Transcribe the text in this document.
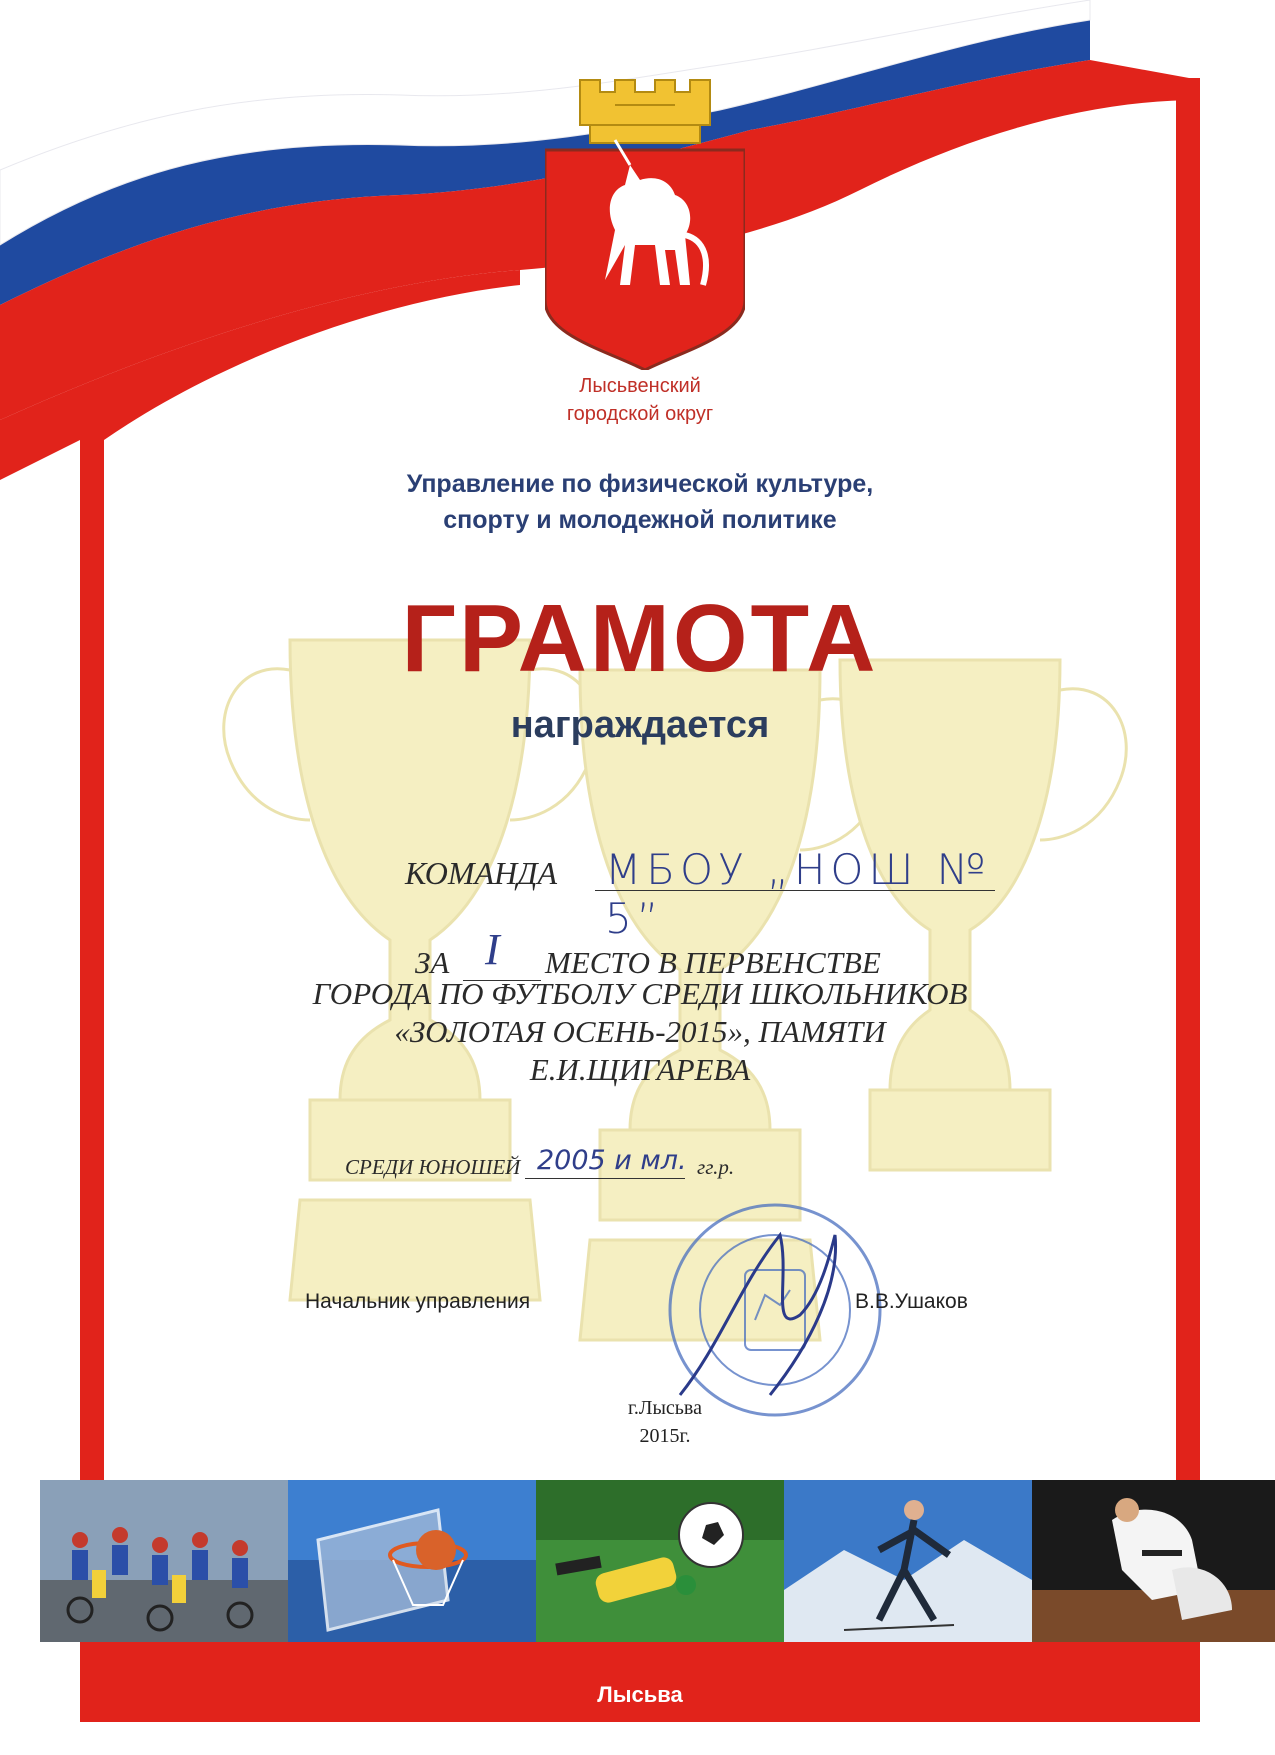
Лысьвенский
городской округ
Управление по физической культуре,
спорту и молодежной политике
ГРАМОТА
награждается
КОМАНДА МБОУ „НОШ № 5”
ЗА I МЕСТО В ПЕРВЕНСТВЕ
ГОРОДА ПО ФУТБОЛУ СРЕДИ ШКОЛЬНИКОВ
«ЗОЛОТАЯ ОСЕНЬ-2015», ПАМЯТИ
Е.И.ЩИГАРЕВА
СРЕДИ ЮНОШЕЙ 2005 и мл. гг.р.
Начальник управления	В.В.Ушаков
г.Лысьва
2015г.
Лысьва
